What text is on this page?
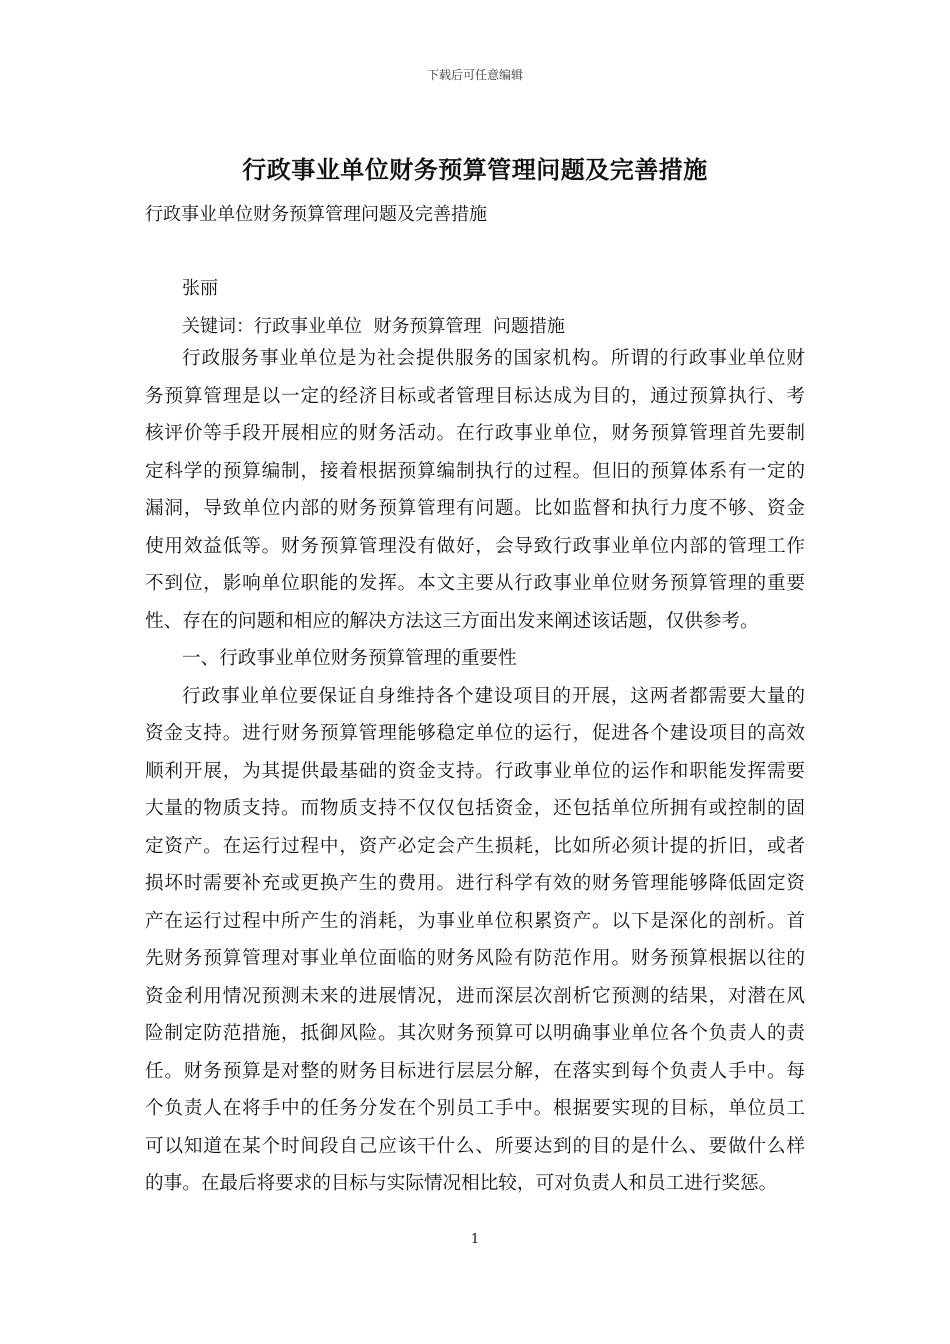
下载后可任意编辑
行政事业单位财务预算管理问题及完善措施
行政事业单位财务预算管理问题及完善措施
张丽
关键词：行政事业单位  财务预算管理  问题措施
行政服务事业单位是为社会提供服务的国家机构。所谓的行政事业单位财
务预算管理是以一定的经济目标或者管理目标达成为目的，通过预算执行、考
核评价等手段开展相应的财务活动。在行政事业单位，财务预算管理首先要制
定科学的预算编制，接着根据预算编制执行的过程。但旧的预算体系有一定的
漏洞，导致单位内部的财务预算管理有问题。比如监督和执行力度不够、资金
使用效益低等。财务预算管理没有做好，会导致行政事业单位内部的管理工作
不到位，影响单位职能的发挥。本文主要从行政事业单位财务预算管理的重要
性、存在的问题和相应的解决方法这三方面出发来阐述该话题，仅供参考。
一、行政事业单位财务预算管理的重要性
行政事业单位要保证自身维持各个建设项目的开展，这两者都需要大量的
资金支持。进行财务预算管理能够稳定单位的运行，促进各个建设项目的高效
顺利开展，为其提供最基础的资金支持。行政事业单位的运作和职能发挥需要
大量的物质支持。而物质支持不仅仅包括资金，还包括单位所拥有或控制的固
定资产。在运行过程中，资产必定会产生损耗，比如所必须计提的折旧，或者
损坏时需要补充或更换产生的费用。进行科学有效的财务管理能够降低固定资
产在运行过程中所产生的消耗，为事业单位积累资产。以下是深化的剖析。首
先财务预算管理对事业单位面临的财务风险有防范作用。财务预算根据以往的
资金利用情况预测未来的进展情况，进而深层次剖析它预测的结果，对潜在风
险制定防范措施，抵御风险。其次财务预算可以明确事业单位各个负责人的责
任。财务预算是对整的财务目标进行层层分解，在落实到每个负责人手中。每
个负责人在将手中的任务分发在个别员工手中。根据要实现的目标，单位员工
可以知道在某个时间段自己应该干什么、所要达到的目的是什么、要做什么样
的事。在最后将要求的目标与实际情况相比较，可对负责人和员工进行奖惩。
1
